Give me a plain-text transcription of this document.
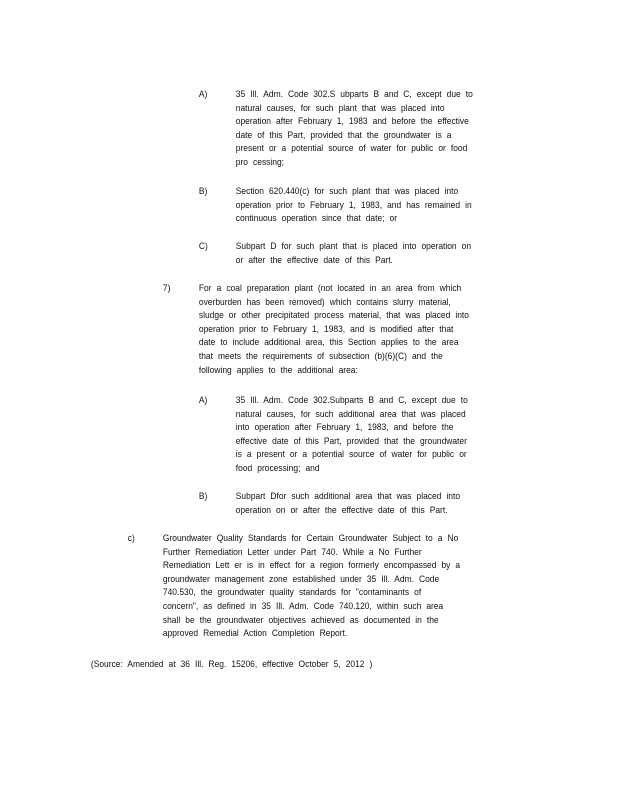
A)	35 Ill. Adm. Code 302.S ubparts B and C, except due to

natural causes, for such plant that was placed into

operation after February 1, 1983 and before the effective

date of this Part, provided that the groundwater is a

present or a potential source of water for public or food

pro cessing;

B)	Section 620.440(c) for such plant that was placed into

operation prior to February 1, 1983, and has remained in

continuous operation since that date; or

C)	Subpart D for such plant that is placed into operation on

or after the effective date of this Part.

7)	For a coal preparation plant (not located in an area from which

overburden has been removed) which contains slurry material,

sludge or other precipitated process material, that was placed into

operation prior to February 1, 1983, and is modified after that

date to include additional area, this Section applies to the area

that meets the requirements of subsection (b)(6)(C) and the

following applies to the additional area:

A)	35 Ill. Adm. Code 302.Subparts B and C, except due to

natural causes, for such additional area that was placed

into operation after February 1, 1983, and before the

effective date of this Part, provided that the groundwater

is a present or a potential source of water for public or

food processing; and

B)	Subpart Dfor such additional area that was placed into

operation on or after the effective date of this Part.

c)	Groundwater Quality Standards for Certain Groundwater Subject to a No

Further Remediation Letter under Part 740. While a No Further

Remediation Lett er is in effect for a region formerly encompassed by a

groundwater management zone established under 35 Ill. Adm. Code

740.530, the groundwater quality standards for "contaminants of

concern", as defined in 35 Ill. Adm. Code 740.120, within such area

shall be the groundwater objectives achieved as documented in the

approved Remedial Action Completion Report.

(Source: Amended at 36 Ill. Reg. 15206, effective October 5, 2012 )
